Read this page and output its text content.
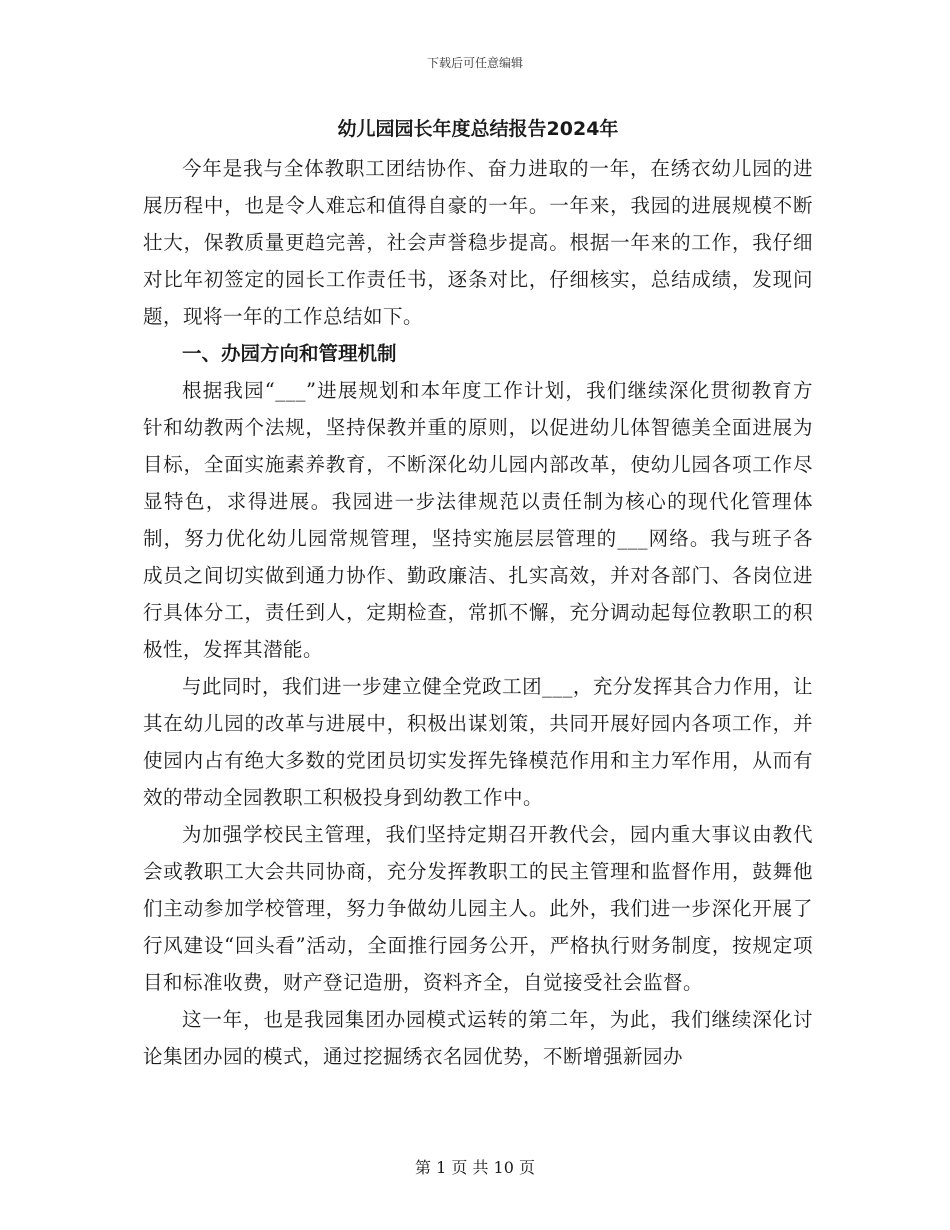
下载后可任意编辑
幼儿园园长年度总结报告2024年

今年是我与全体教职工团结协作、奋力进取的一年，在绣衣幼儿园的进展历程中，也是令人难忘和值得自豪的一年。一年来，我园的进展规模不断壮大，保教质量更趋完善，社会声誉稳步提高。根据一年来的工作，我仔细对比年初签定的园长工作责任书，逐条对比，仔细核实，总结成绩，发现问题，现将一年的工作总结如下。

一、办园方向和管理机制

根据我园“___”进展规划和本年度工作计划，我们继续深化贯彻教育方针和幼教两个法规，坚持保教并重的原则，以促进幼儿体智德美全面进展为目标，全面实施素养教育，不断深化幼儿园内部改革，使幼儿园各项工作尽显特色，求得进展。我园进一步法律规范以责任制为核心的现代化管理体制，努力优化幼儿园常规管理，坚持实施层层管理的___网络。我与班子各成员之间切实做到通力协作、勤政廉洁、扎实高效，并对各部门、各岗位进行具体分工，责任到人，定期检查，常抓不懈，充分调动起每位教职工的积极性，发挥其潜能。

与此同时，我们进一步建立健全党政工团___，充分发挥其合力作用，让其在幼儿园的改革与进展中，积极出谋划策，共同开展好园内各项工作，并使园内占有绝大多数的党团员切实发挥先锋模范作用和主力军作用，从而有效的带动全园教职工积极投身到幼教工作中。

为加强学校民主管理，我们坚持定期召开教代会，园内重大事议由教代会或教职工大会共同协商，充分发挥教职工的民主管理和监督作用，鼓舞他们主动参加学校管理，努力争做幼儿园主人。此外，我们进一步深化开展了行风建设“回头看”活动，全面推行园务公开，严格执行财务制度，按规定项目和标准收费，财产登记造册，资料齐全，自觉接受社会监督。

这一年，也是我园集团办园模式运转的第二年，为此，我们继续深化讨论集团办园的模式，通过挖掘绣衣名园优势，不断增强新园办

第 1 页 共 10 页
